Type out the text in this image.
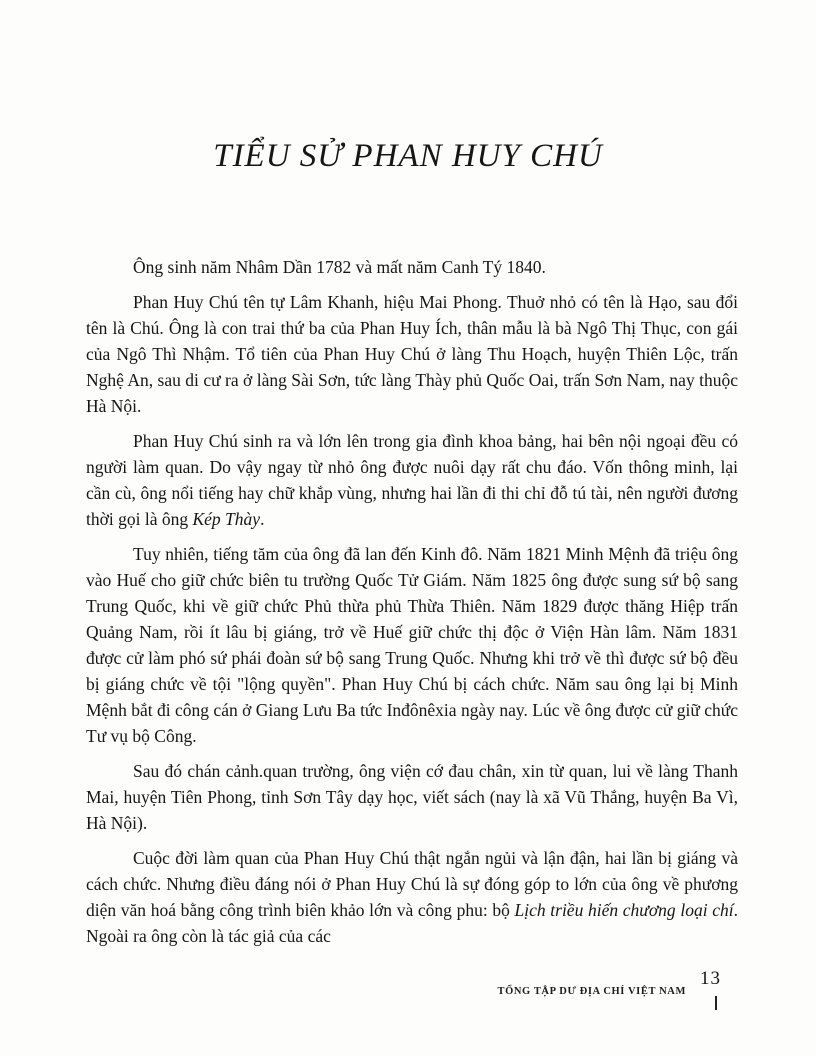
TIỂU SỬ PHAN HUY CHÚ

Ông sinh năm Nhâm Dần 1782 và mất năm Canh Tý 1840.

Phan Huy Chú tên tự Lâm Khanh, hiệu Mai Phong. Thuở nhỏ có tên là Hạo, sau đổi tên là Chú. Ông là con trai thứ ba của Phan Huy Ích, thân mẫu là bà Ngô Thị Thục, con gái của Ngô Thì Nhậm. Tổ tiên của Phan Huy Chú ở làng Thu Hoạch, huyện Thiên Lộc, trấn Nghệ An, sau di cư ra ở làng Sài Sơn, tức làng Thày phủ Quốc Oai, trấn Sơn Nam, nay thuộc Hà Nội.

Phan Huy Chú sinh ra và lớn lên trong gia đình khoa bảng, hai bên nội ngoại đều có người làm quan. Do vậy ngay từ nhỏ ông được nuôi dạy rất chu đáo. Vốn thông minh, lại cần cù, ông nổi tiếng hay chữ khắp vùng, nhưng hai lần đi thi chỉ đỗ tú tài, nên người đương thời gọi là ông Kép Thày.

Tuy nhiên, tiếng tăm của ông đã lan đến Kinh đô. Năm 1821 Minh Mệnh đã triệu ông vào Huế cho giữ chức biên tu trường Quốc Tử Giám. Năm 1825 ông được sung sứ bộ sang Trung Quốc, khi về giữ chức Phủ thừa phủ Thừa Thiên. Năm 1829 được thăng Hiệp trấn Quảng Nam, rồi ít lâu bị giáng, trở về Huế giữ chức thị độc ở Viện Hàn lâm. Năm 1831 được cử làm phó sứ phái đoàn sứ bộ sang Trung Quốc. Nhưng khi trở về thì được sứ bộ đều bị giáng chức về tội "lộng quyền". Phan Huy Chú bị cách chức. Năm sau ông lại bị Minh Mệnh bắt đi công cán ở Giang Lưu Ba tức Inđônêxia ngày nay. Lúc về ông được cử giữ chức Tư vụ bộ Công.

Sau đó chán cảnh.quan trường, ông viện cớ đau chân, xin từ quan, lui về làng Thanh Mai, huyện Tiên Phong, tỉnh Sơn Tây dạy học, viết sách (nay là xã Vũ Thắng, huyện Ba Vì, Hà Nội).

Cuộc đời làm quan của Phan Huy Chú thật ngắn ngủi và lận đận, hai lần bị giáng và cách chức. Nhưng điều đáng nói ở Phan Huy Chú là sự đóng góp to lớn của ông về phương diện văn hoá bằng công trình biên khảo lớn và công phu: bộ Lịch triều hiến chương loại chí. Ngoài ra ông còn là tác giả của các

TỔNG TẬP DƯ ĐỊA CHÍ VIỆT NAM
13
